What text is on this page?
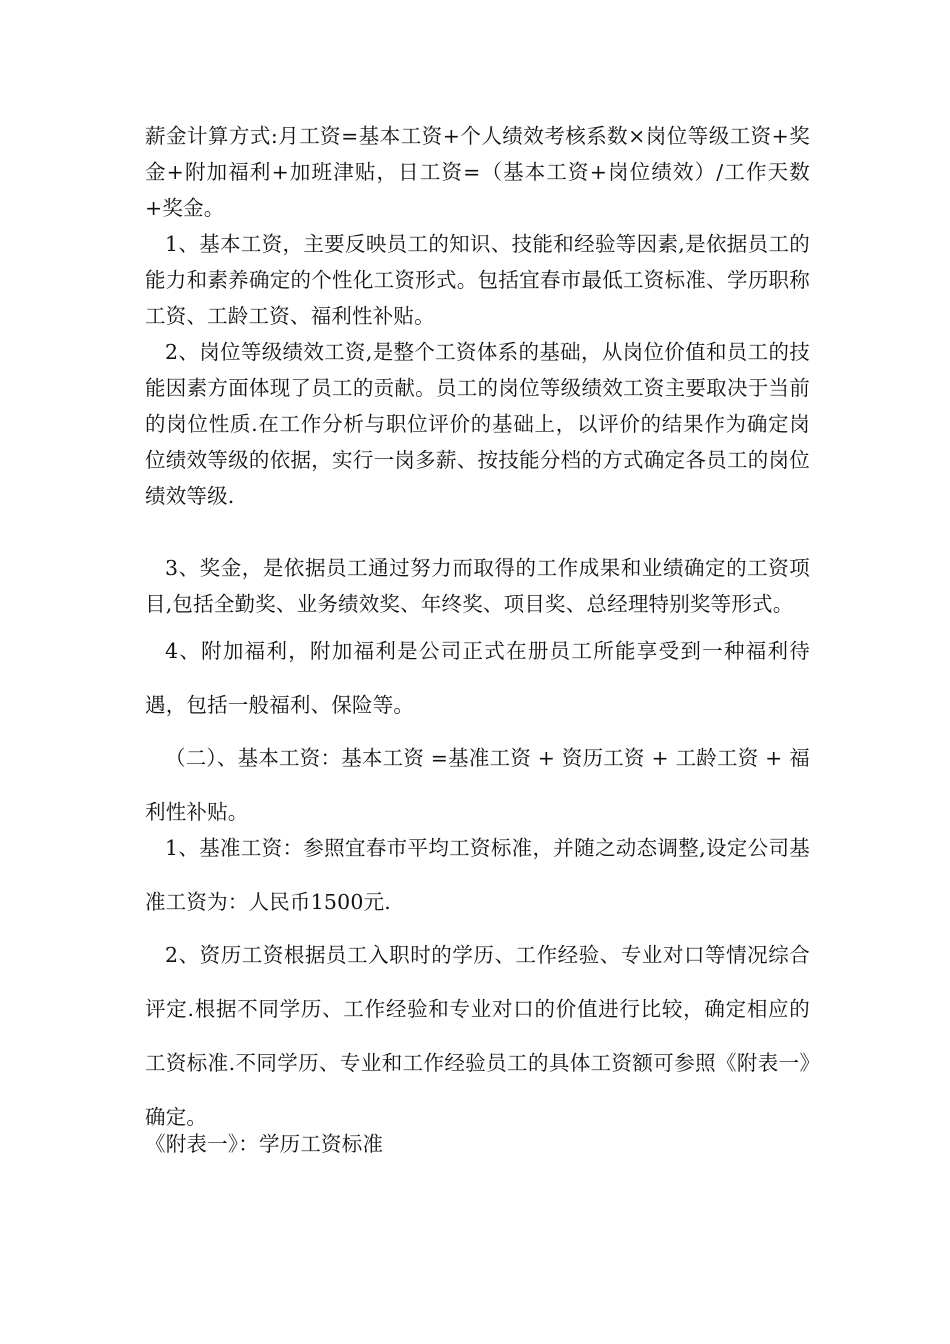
薪金计算方式:月工资=基本工资+个人绩效考核系数×岗位等级工资+奖金+附加福利+加班津贴，日工资=（基本工资+岗位绩效）/工作天数+奖金。

1、基本工资，主要反映员工的知识、技能和经验等因素,是依据员工的能力和素养确定的个性化工资形式。包括宜春市最低工资标准、学历职称工资、工龄工资、福利性补贴。

2、岗位等级绩效工资,是整个工资体系的基础，从岗位价值和员工的技能因素方面体现了员工的贡献。员工的岗位等级绩效工资主要取决于当前的岗位性质.在工作分析与职位评价的基础上，以评价的结果作为确定岗位绩效等级的依据，实行一岗多薪、按技能分档的方式确定各员工的岗位绩效等级.

3、奖金，是依据员工通过努力而取得的工作成果和业绩确定的工资项目,包括全勤奖、业务绩效奖、年终奖、项目奖、总经理特别奖等形式。

4、附加福利，附加福利是公司正式在册员工所能享受到一种福利待遇，包括一般福利、保险等。

（二）、基本工资：基本工资 =基准工资 + 资历工资 + 工龄工资 + 福利性补贴。

1、基准工资：参照宜春市平均工资标准，并随之动态调整,设定公司基准工资为：人民币1500元.

2、资历工资根据员工入职时的学历、工作经验、专业对口等情况综合评定.根据不同学历、工作经验和专业对口的价值进行比较，确定相应的工资标准.不同学历、专业和工作经验员工的具体工资额可参照《附表一》确定。

《附表一》：学历工资标准
